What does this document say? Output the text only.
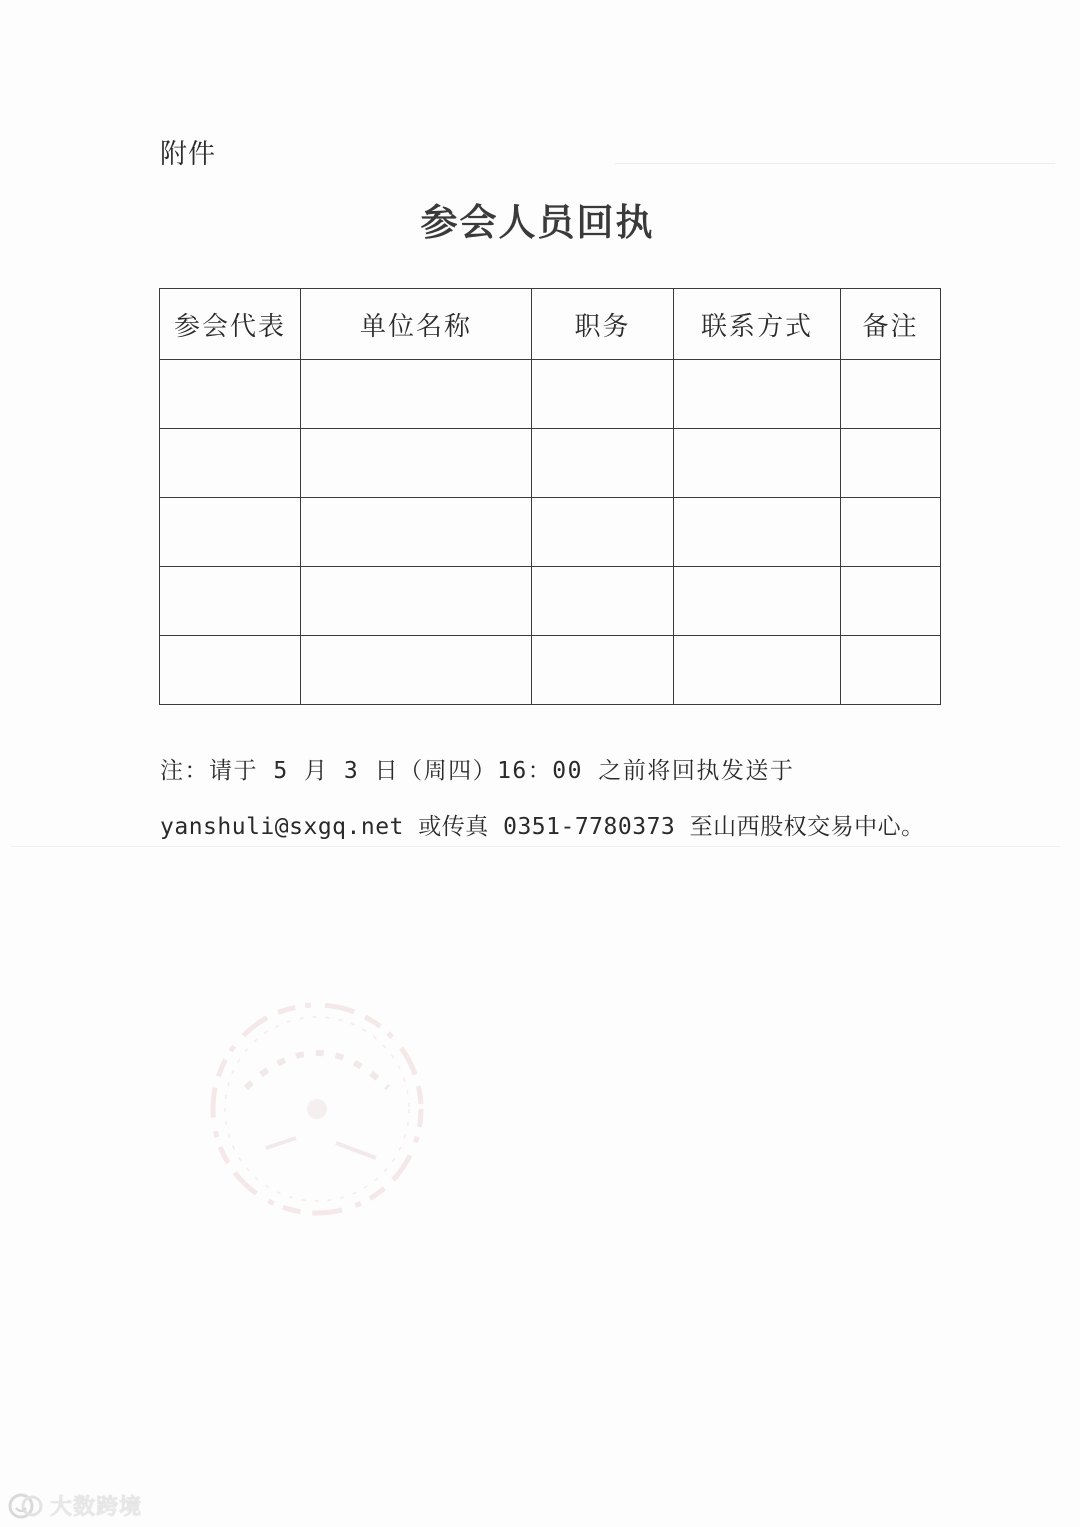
附件
参会人员回执
参会代表	单位名称	职务	联系方式	备注

注：请于 5 月 3 日（周四）16：00 之前将回执发送于
yanshuli@sxgq.net 或传真 0351-7780373 至山西股权交易中心。
大数跨境
